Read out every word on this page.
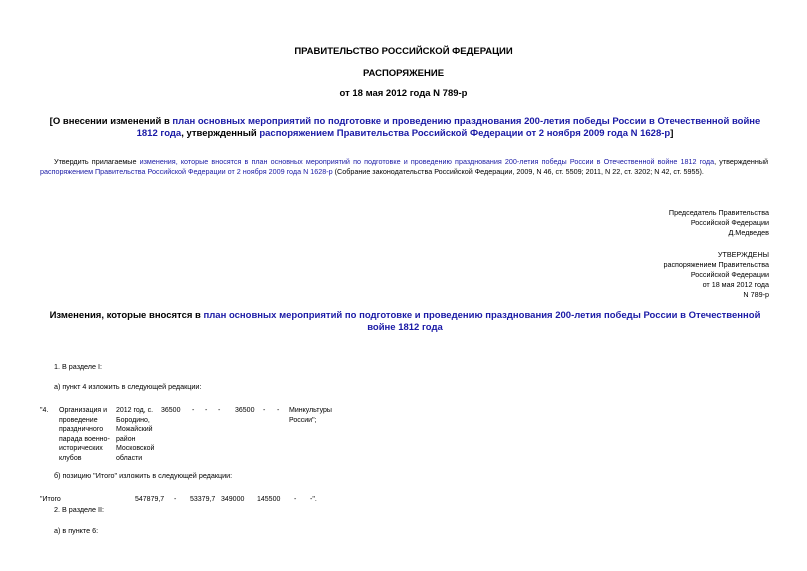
ПРАВИТЕЛЬСТВО РОССИЙСКОЙ ФЕДЕРАЦИИ
РАСПОРЯЖЕНИЕ
от 18 мая 2012 года N 789-р
[О внесении изменений в план основных мероприятий по подготовке и проведению празднования 200-летия победы России в Отечественной войне 1812 года, утвержденный распоряжением Правительства Российской Федерации от 2 ноября 2009 года N 1628-р]
Утвердить прилагаемые изменения, которые вносятся в план основных мероприятий по подготовке и проведению празднования 200-летия победы России в Отечественной войне 1812 года, утвержденный распоряжением Правительства Российской Федерации от 2 ноября 2009 года N 1628-р (Собрание законодательства Российской Федерации, 2009, N 46, ст. 5509; 2011, N 22, ст. 3202; N 42, ст. 5955).
Председатель Правительства
Российской Федерации
Д.Медведев
УТВЕРЖДЕНЫ
распоряжением Правительства
Российской Федерации
от 18 мая 2012 года
N 789-р
Изменения, которые вносятся в план основных мероприятий по подготовке и проведению празднования 200-летия победы России в Отечественной войне 1812 года
1. В разделе I:
а) пункт 4 изложить в следующей редакции:
"4. Организация и проведение праздничного парада военно-исторических клубов
2012 год, с. Бородино, Можайский район Московской области
36500 - - - 36500 - - Минкультуры России";
б) позицию "Итого" изложить в следующей редакции:
"Итого	547879,7 - 53379,7 349000 145500 - -".
2. В разделе II:
а) в пункте 6:
